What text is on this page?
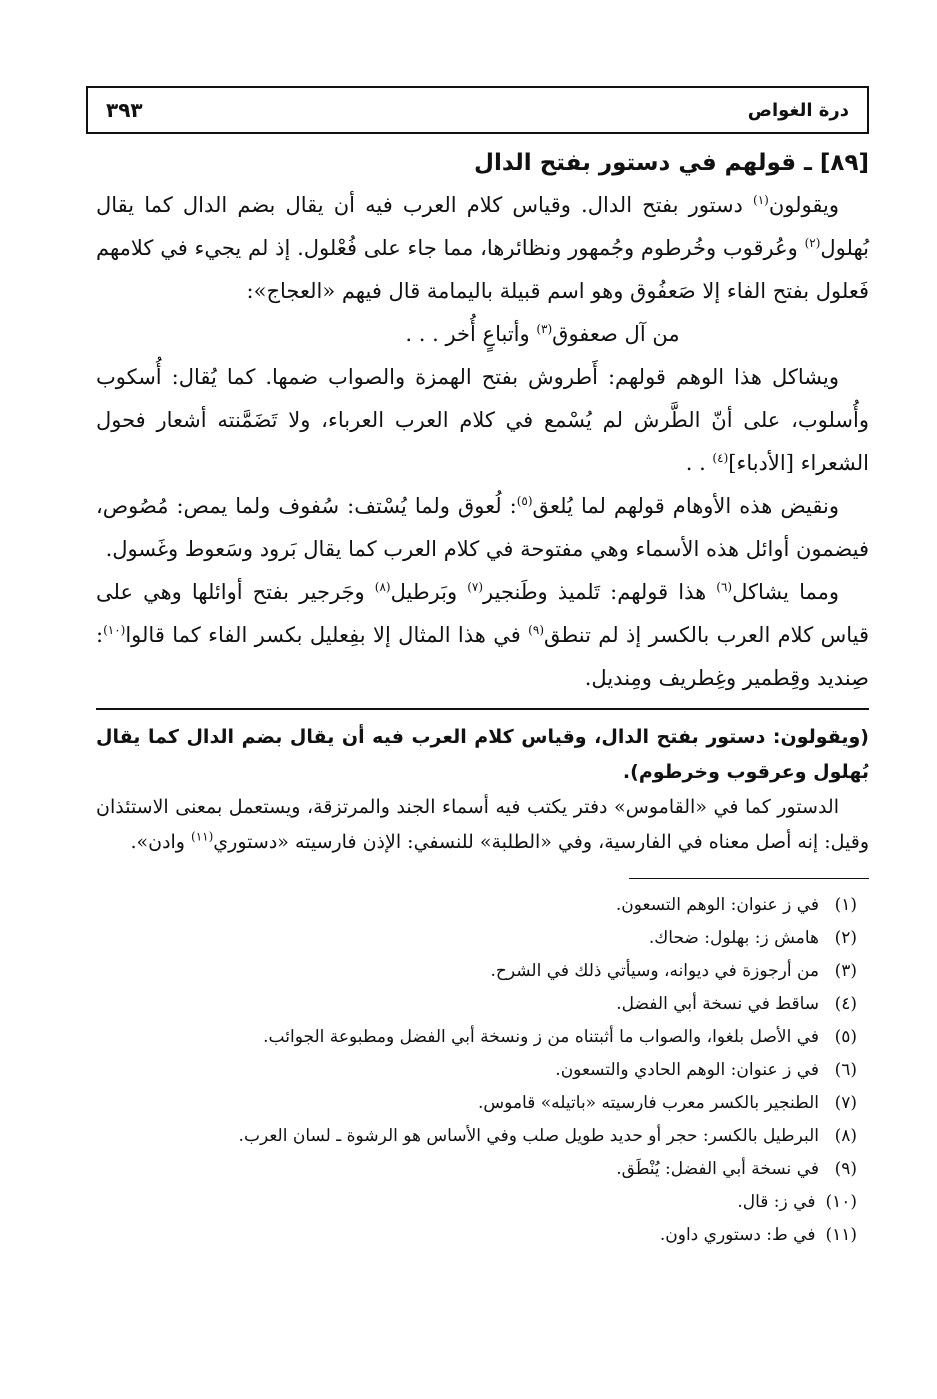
درة الغواص
٣٩٣
[٨٩] ـ قولهم في دستور بفتح الدال

ويقولون$^{(١)}$ دستور بفتح الدال. وقياس كلام العرب فيه أن يقال بضم الدال كما يقال بُهلول$^{(٢)}$ وعُرقوب وخُرطوم وجُمهور ونظائرها، مما جاء على فُعْلول. إذ لم يجيء في كلامهم فَعلول بفتح الفاء إلا صَعفُوق وهو اسم قبيلة باليمامة قال فيهم «العجاج»:

من آل صعفوق$^{(٣)}$ وأتباعٍ أُخر . . .

ويشاكل هذا الوهم قولهم: أَطروش بفتح الهمزة والصواب ضمها. كما يُقال: أُسكوب وأُسلوب، على أنّ الطَّرش لم يُسْمع في كلام العرب العرباء، ولا تَضَمَّنته أشعار فحول الشعراء [الأدباء]$^{(٤)}$ . .

ونقيض هذه الأوهام قولهم لما يُلعق$^{(٥)}$: لُعوق ولما يُسْتف: سُفوف ولما يمص: مُصُوص، فيضمون أوائل هذه الأسماء وهي مفتوحة في كلام العرب كما يقال بَرود وسَعوط وغَسول.

ومما يشاكل$^{(٦)}$ هذا قولهم: تَلميذ وطَنجير$^{(٧)}$ وبَرطيل$^{(٨)}$ وجَرجير بفتح أوائلها وهي على قياس كلام العرب بالكسر إذ لم تنطق$^{(٩)}$ في هذا المثال إلا بفِعليل بكسر الفاء كما قالوا$^{(١٠)}$: صِنديد وقِطمير وغِطريف ومِنديل.

(ويقولون: دستور بفتح الدال، وقياس كلام العرب فيه أن يقال بضم الدال كما يقال بُهلول وعرقوب وخرطوم).

الدستور كما في «القاموس» دفتر يكتب فيه أسماء الجند والمرتزقة، ويستعمل بمعنى الاستئذان وقيل: إنه أصل معناه في الفارسية، وفي «الطلبة» للنسفي: الإذن فارسيته «دستوري$^{(١١)}$ وادن».

(١)
في ز عنوان: الوهم التسعون.
(٢)
هامش ز: بهلول: ضحاك.
(٣)
من أرجوزة في ديوانه، وسيأتي ذلك في الشرح.
(٤)
ساقط في نسخة أبي الفضل.
(٥)
في الأصل بلغوا، والصواب ما أثبتناه من ز ونسخة أبي الفضل ومطبوعة الجوائب.
(٦)
في ز عنوان: الوهم الحادي والتسعون.
(٧)
الطنجير بالكسر معرب فارسيته «باتيله» قاموس.
(٨)
البرطيل بالكسر: حجر أو حديد طويل صلب وفي الأساس هو الرشوة ـ لسان العرب.
(٩)
في نسخة أبي الفضل: يُنْطَق.
(١٠)
في ز: قال.
(١١)
في ط: دستوري داون.
